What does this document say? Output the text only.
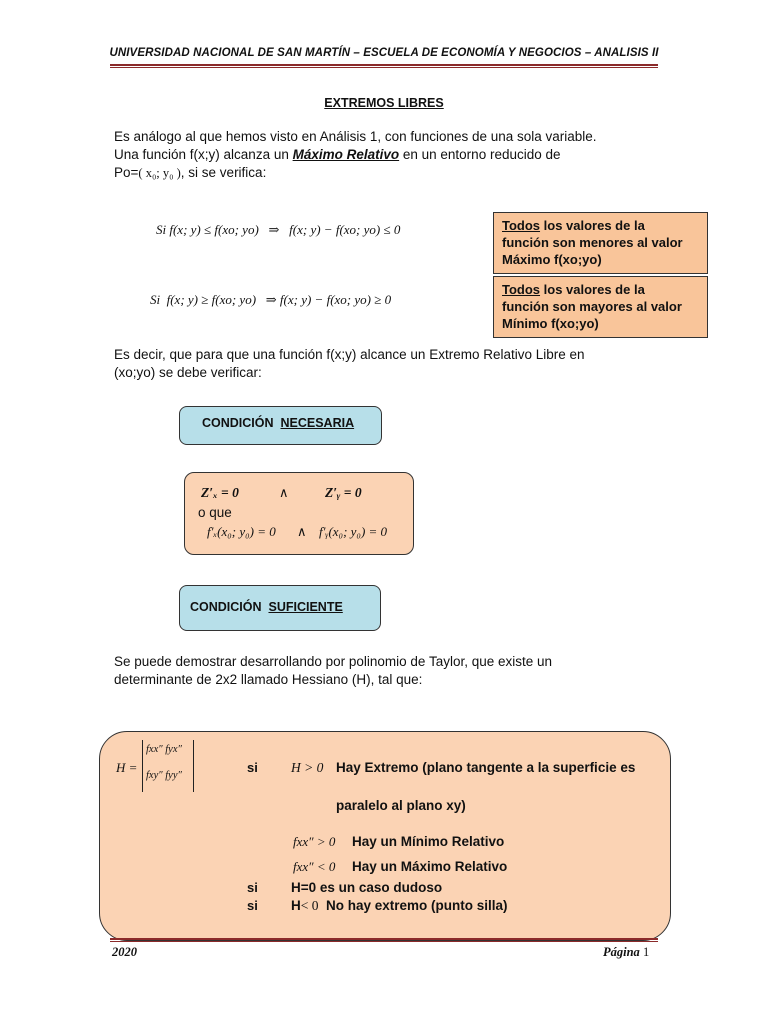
UNIVERSIDAD NACIONAL DE SAN MARTÍN – ESCUELA DE ECONOMÍA Y NEGOCIOS – ANALISIS II
EXTREMOS LIBRES
Es análogo al que hemos visto en Análisis 1, con funciones de una sola variable.
Una función f(x;y) alcanza un Máximo Relativo en un entorno reducido de
Po=( x₀; y₀ ), si se verifica:
Si f(x; y) ≤ f(xo; yo)   ⇒   f(x; y) − f(xo; yo) ≤ 0	Todos los valores de la
función son menores al valor
Máximo f(xo;yo)
Si  f(x; y) ≥ f(xo; yo)   ⇒ f(x; y) − f(xo; yo) ≥ 0
Todos los valores de la
función son mayores al valor
Mínimo f(xo;yo)
Es decir, que para que una función f(x;y) alcance un Extremo Relativo Libre en
(xo;yo) se debe verificar:
CONDICIÓN NECESARIA
Z′ₓ = 0	∧	Z′ᵧ = 0
o que
f′ₓ(x₀; y₀) = 0 ∧ f′ᵧ(x₀; y₀) = 0
CONDICIÓN SUFICIENTE
Se puede demostrar desarrollando por polinomio de Taylor, que existe un
determinante de 2x2 llamado Hessiano (H), tal que:
H =
fxx″ fyx″
fxy″ fyy″
si H > 0 Hay Extremo (plano tangente a la superficie es
paralelo al plano xy)
fxx″ > 0 Hay un Mínimo Relativo
fxx″ < 0 Hay un Máximo Relativo
si H=0 es un caso dudoso
si H< 0 No hay extremo (punto silla)
2020	Página 1
